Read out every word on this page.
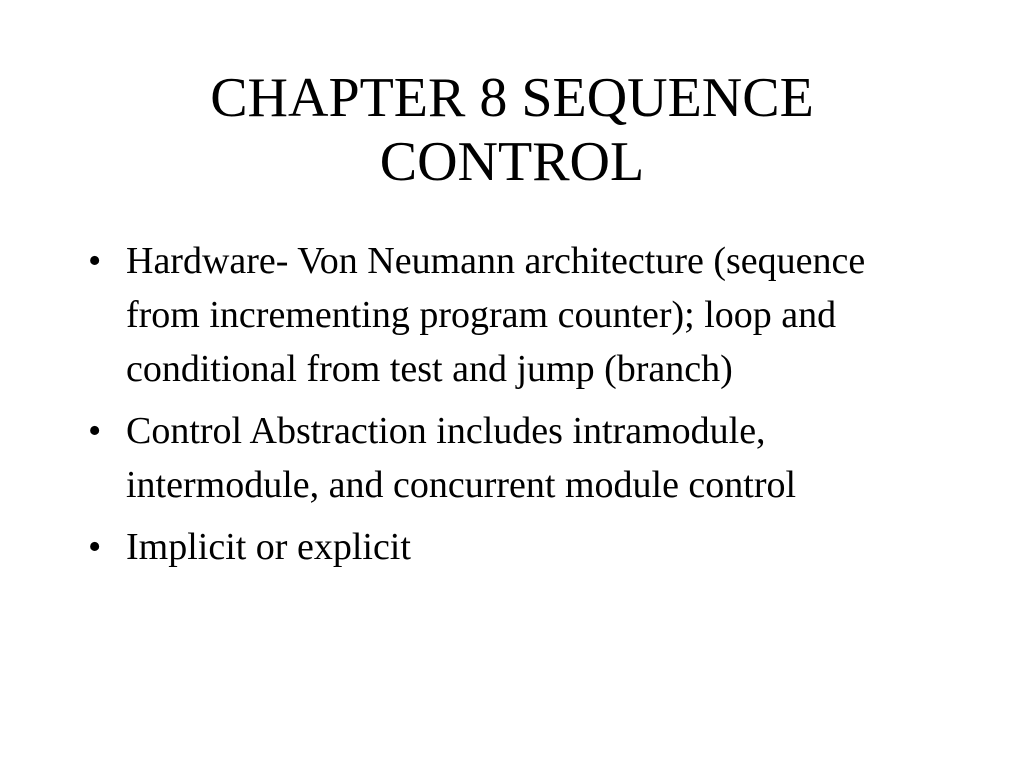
CHAPTER 8 SEQUENCE CONTROL
• Hardware- Von Neumann architecture (sequence from incrementing program counter); loop and conditional from test and jump (branch)
• Control Abstraction includes intramodule, intermodule, and concurrent module control
• Implicit or explicit
